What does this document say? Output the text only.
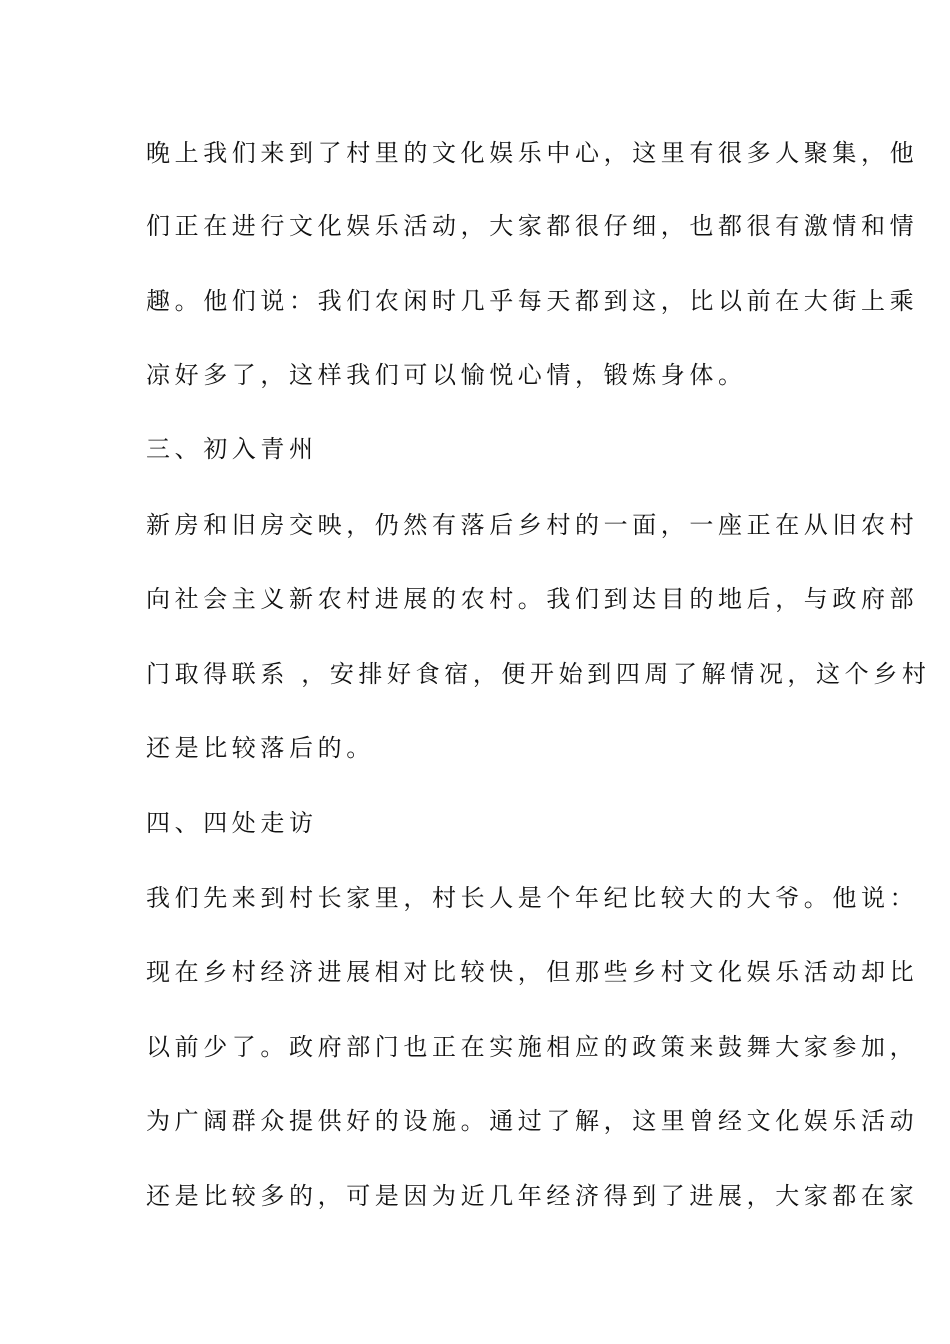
晚上我们来到了村里的文化娱乐中心，这里有很多人聚集，他
们正在进行文化娱乐活动，大家都很仔细，也都很有激情和情
趣。他们说：我们农闲时几乎每天都到这，比以前在大街上乘
凉好多了，这样我们可以愉悦心情，锻炼身体。
三、初入青州
新房和旧房交映，仍然有落后乡村的一面，一座正在从旧农村
向社会主义新农村进展的农村。我们到达目的地后，与政府部
门取得联系 ，安排好食宿，便开始到四周了解情况，这个乡村
还是比较落后的。
四、四处走访
我们先来到村长家里，村长人是个年纪比较大的大爷。他说：
现在乡村经济进展相对比较快，但那些乡村文化娱乐活动却比
以前少了。政府部门也正在实施相应的政策来鼓舞大家参加，
为广阔群众提供好的设施。通过了解，这里曾经文化娱乐活动
还是比较多的，可是因为近几年经济得到了进展，大家都在家
